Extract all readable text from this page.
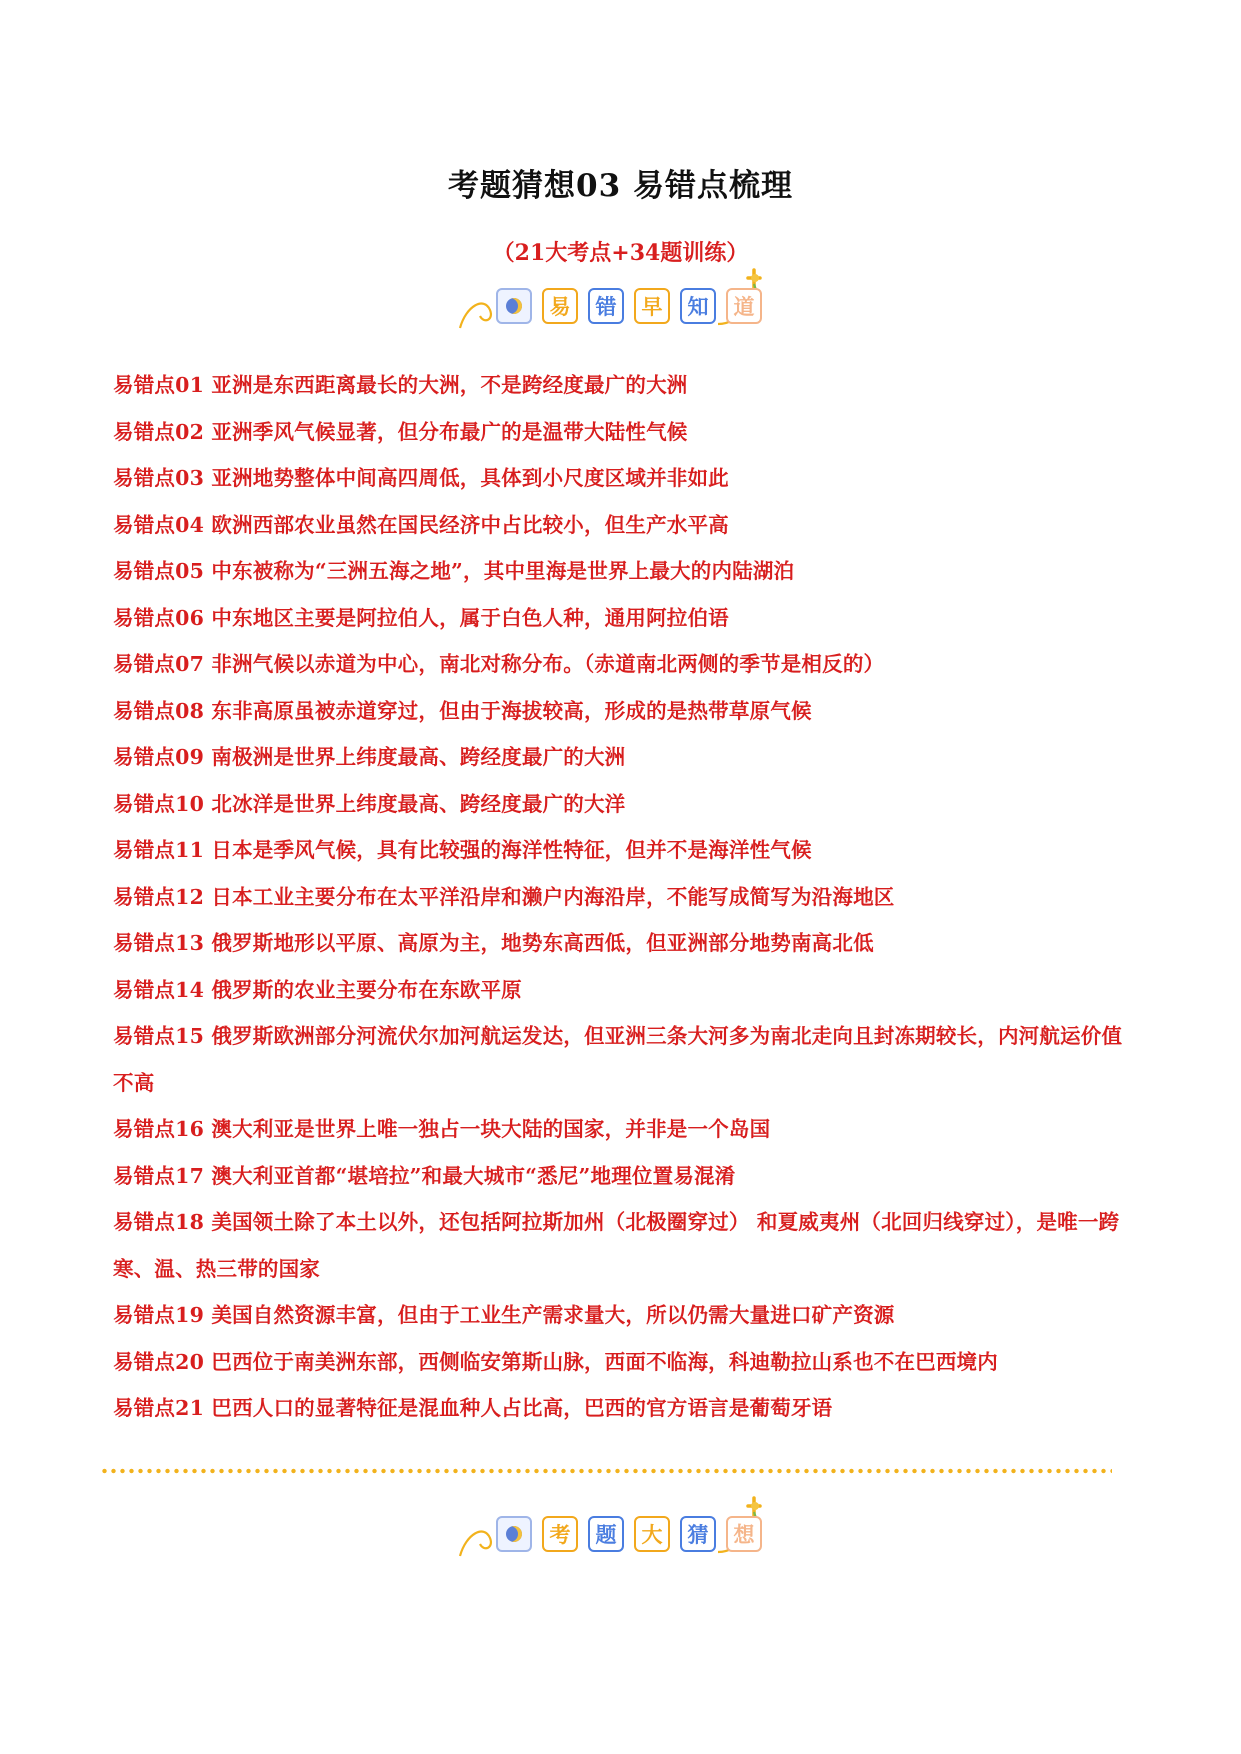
考题猜想03 易错点梳理
（21大考点+34题训练）
易	错	早	知	道
易错点01 亚洲是东西距离最长的大洲，不是跨经度最广的大洲
易错点02 亚洲季风气候显著，但分布最广的是温带大陆性气候
易错点03 亚洲地势整体中间高四周低，具体到小尺度区域并非如此
易错点04 欧洲西部农业虽然在国民经济中占比较小，但生产水平高
易错点05 中东被称为“三洲五海之地”，其中里海是世界上最大的内陆湖泊
易错点06 中东地区主要是阿拉伯人，属于白色人种，通用阿拉伯语
易错点07 非洲气候以赤道为中心，南北对称分布。（赤道南北两侧的季节是相反的）
易错点08 东非高原虽被赤道穿过，但由于海拔较高，形成的是热带草原气候
易错点09 南极洲是世界上纬度最高、跨经度最广的大洲
易错点10 北冰洋是世界上纬度最高、跨经度最广的大洋
易错点11 日本是季风气候，具有比较强的海洋性特征，但并不是海洋性气候
易错点12 日本工业主要分布在太平洋沿岸和濑户内海沿岸，不能写成简写为沿海地区
易错点13 俄罗斯地形以平原、高原为主，地势东高西低，但亚洲部分地势南高北低
易错点14 俄罗斯的农业主要分布在东欧平原
易错点15 俄罗斯欧洲部分河流伏尔加河航运发达，但亚洲三条大河多为南北走向且封冻期较长，内河航运价值不高
易错点16 澳大利亚是世界上唯一独占一块大陆的国家，并非是一个岛国
易错点17 澳大利亚首都“堪培拉”和最大城市“悉尼”地理位置易混淆
易错点18 美国领土除了本土以外，还包括阿拉斯加州（北极圈穿过） 和夏威夷州（北回归线穿过），是唯一跨寒、温、热三带的国家
易错点19 美国自然资源丰富，但由于工业生产需求量大，所以仍需大量进口矿产资源
易错点20 巴西位于南美洲东部，西侧临安第斯山脉，西面不临海，科迪勒拉山系也不在巴西境内
易错点21 巴西人口的显著特征是混血种人占比高，巴西的官方语言是葡萄牙语
考	题	大	猜	想
